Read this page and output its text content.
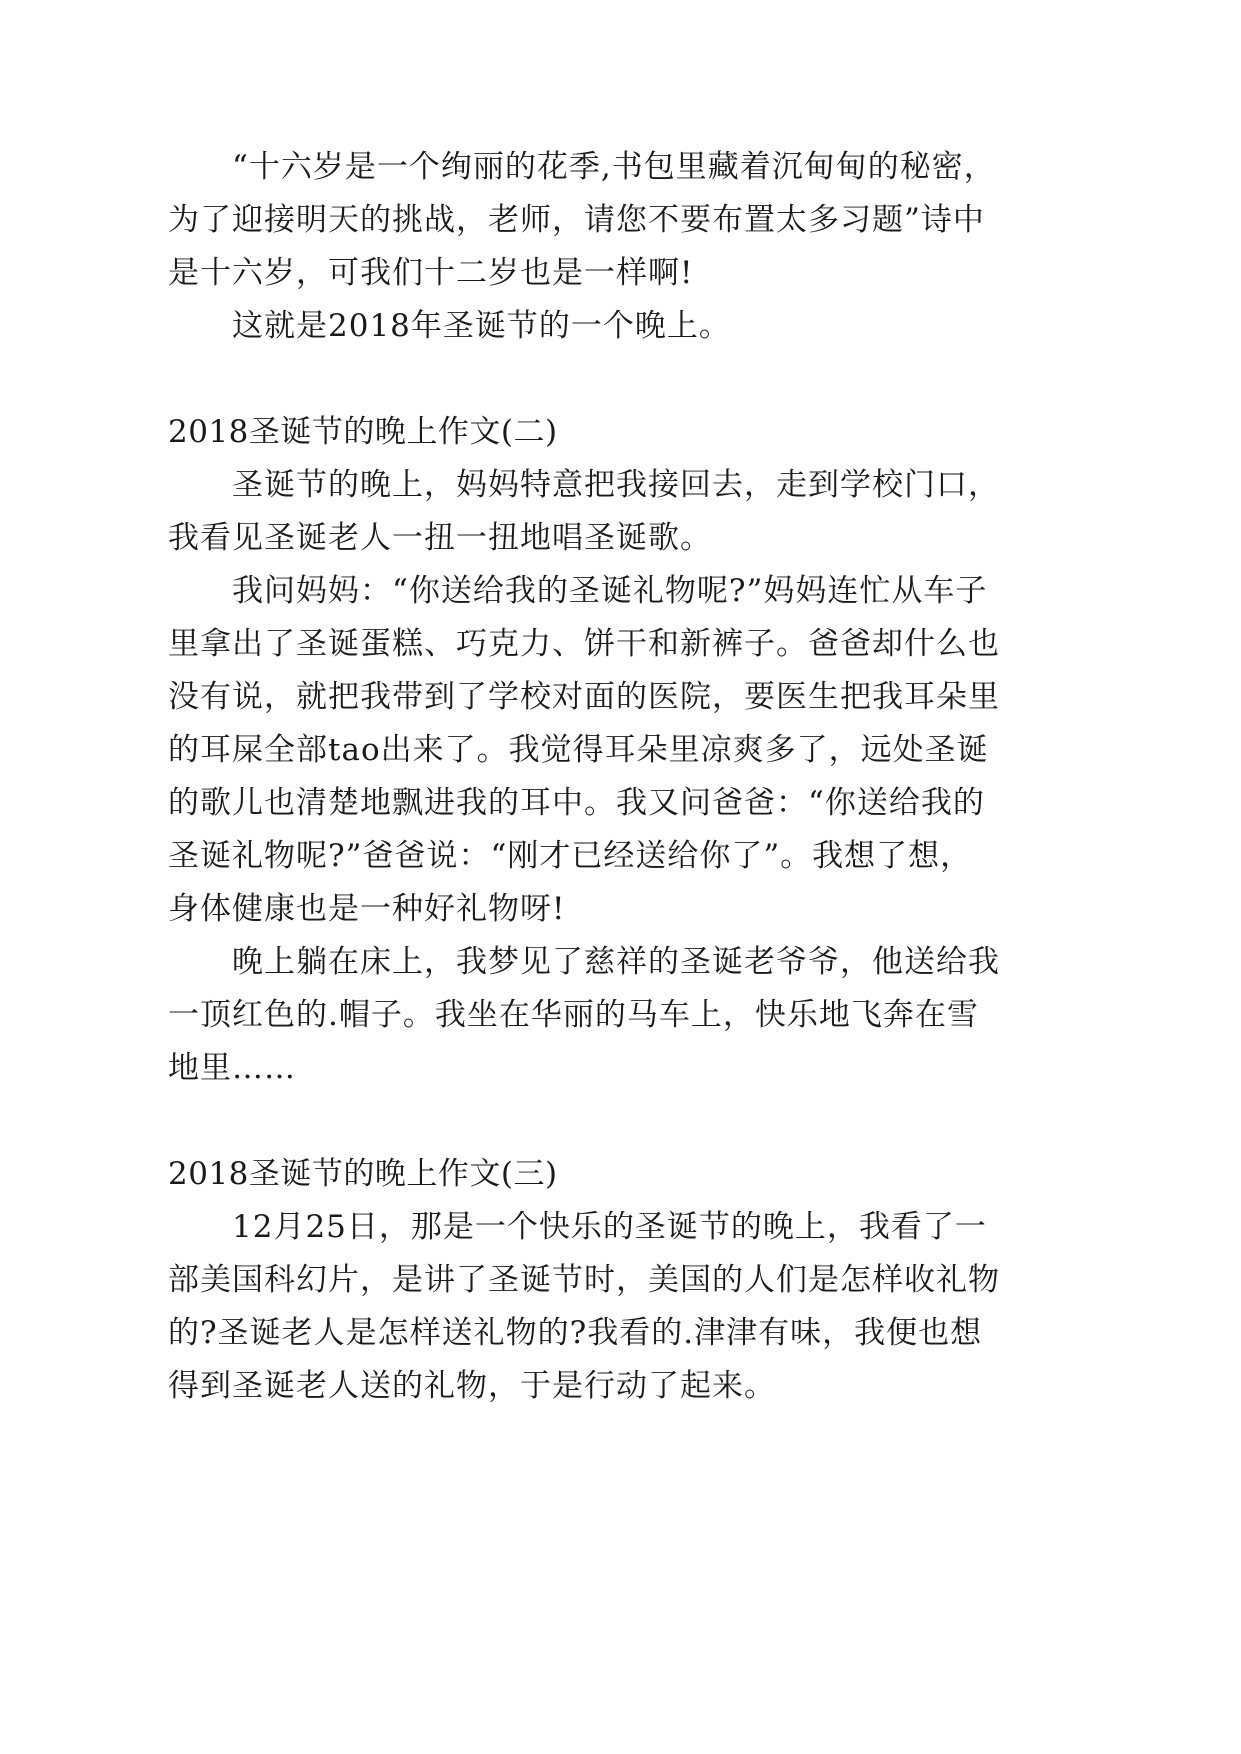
“十六岁是一个绚丽的花季,书包里藏着沉甸甸的秘密，
为了迎接明天的挑战，老师，请您不要布置太多习题”诗中
是十六岁，可我们十二岁也是一样啊!
这就是2018年圣诞节的一个晚上。
2018圣诞节的晚上作文(二)
圣诞节的晚上，妈妈特意把我接回去，走到学校门口，
我看见圣诞老人一扭一扭地唱圣诞歌。
我问妈妈：“你送给我的圣诞礼物呢?”妈妈连忙从车子
里拿出了圣诞蛋糕、巧克力、饼干和新裤子。爸爸却什么也
没有说，就把我带到了学校对面的医院，要医生把我耳朵里
的耳屎全部tao出来了。我觉得耳朵里凉爽多了，远处圣诞
的歌儿也清楚地飘进我的耳中。我又问爸爸：“你送给我的
圣诞礼物呢?”爸爸说：“刚才已经送给你了”。我想了想，
身体健康也是一种好礼物呀!
晚上躺在床上，我梦见了慈祥的圣诞老爷爷，他送给我
一顶红色的.帽子。我坐在华丽的马车上，快乐地飞奔在雪
地里……
2018圣诞节的晚上作文(三)
12月25日，那是一个快乐的圣诞节的晚上，我看了一
部美国科幻片，是讲了圣诞节时，美国的人们是怎样收礼物
的?圣诞老人是怎样送礼物的?我看的.津津有味，我便也想
得到圣诞老人送的礼物，于是行动了起来。
